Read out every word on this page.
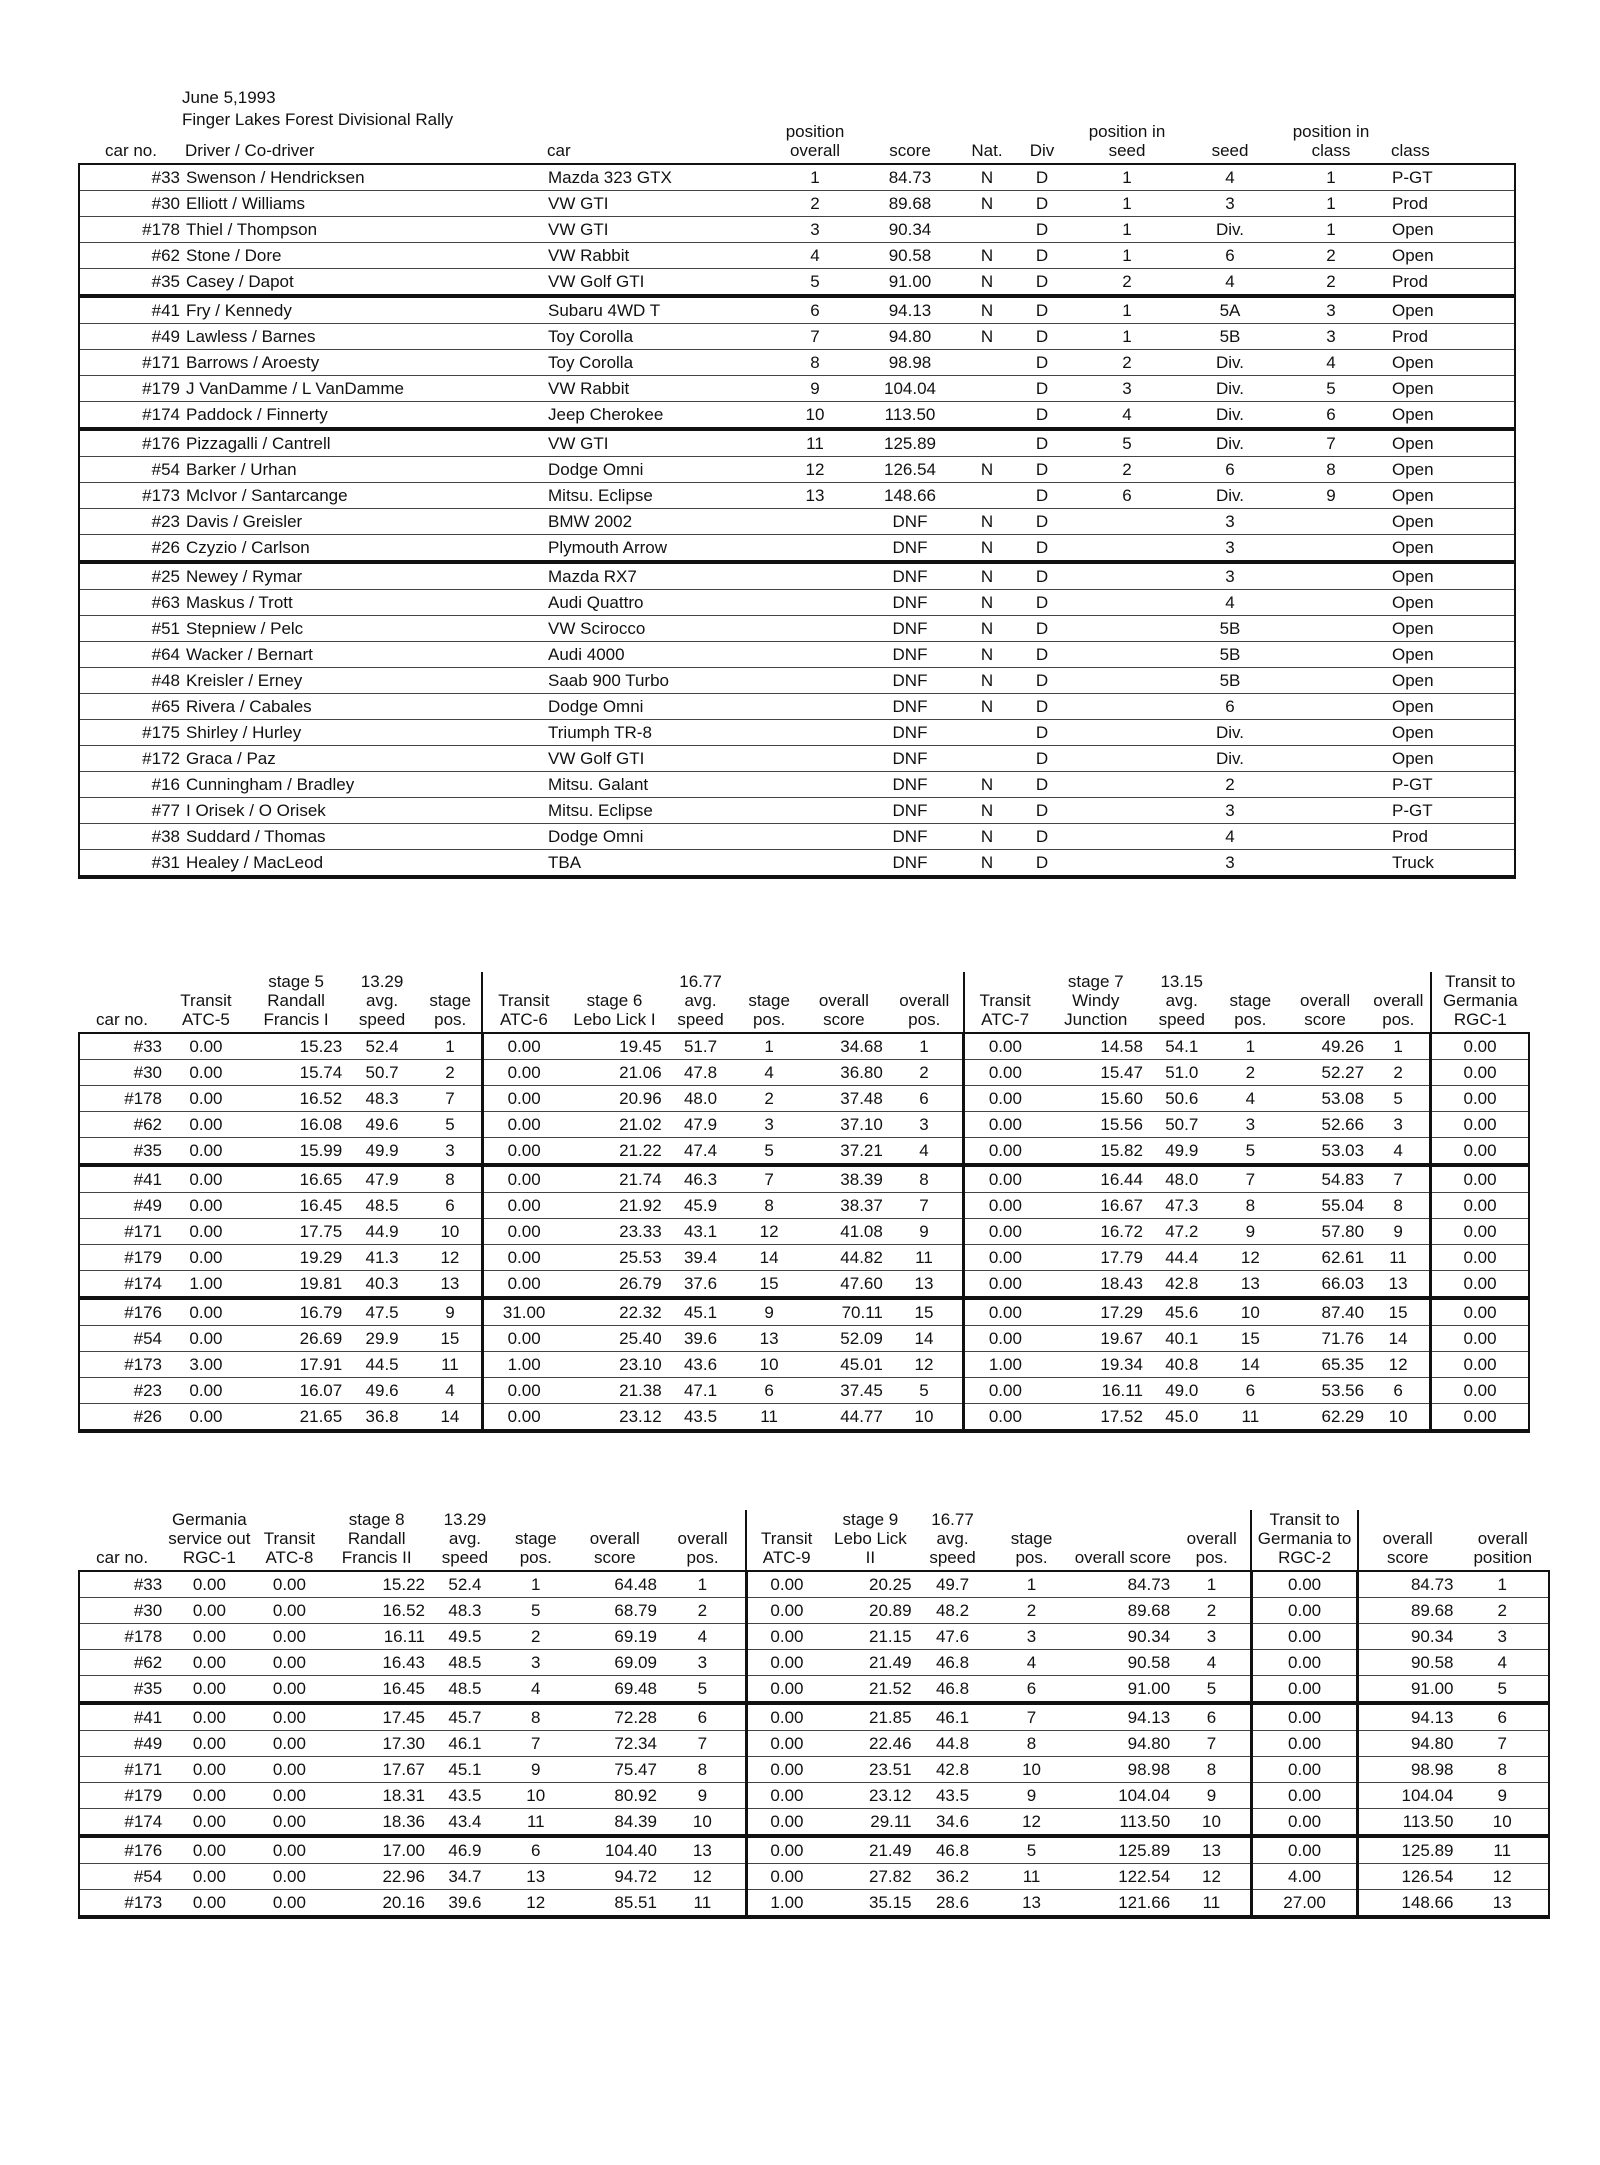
June 5,1993
Finger Lakes Forest Divisional Rally
car no.	Driver / Co-driver	car	position overall	score	Nat.	Div	position in seed	seed	position in class	class
#33	Swenson / Hendricksen	Mazda 323 GTX	1	84.73	N	D	1	4	1	P-GT
#30	Elliott / Williams	VW GTI	2	89.68	N	D	1	3	1	Prod
#178	Thiel / Thompson	VW GTI	3	90.34		D	1	Div.	1	Open
#62	Stone / Dore	VW Rabbit	4	90.58	N	D	1	6	2	Open
#35	Casey / Dapot	VW Golf GTI	5	91.00	N	D	2	4	2	Prod
#41	Fry / Kennedy	Subaru 4WD T	6	94.13	N	D	1	5A	3	Open
#49	Lawless / Barnes	Toy Corolla	7	94.80	N	D	1	5B	3	Prod
#171	Barrows / Aroesty	Toy Corolla	8	98.98		D	2	Div.	4	Open
#179	J VanDamme / L VanDamme	VW Rabbit	9	104.04		D	3	Div.	5	Open
#174	Paddock / Finnerty	Jeep Cherokee	10	113.50		D	4	Div.	6	Open
#176	Pizzagalli / Cantrell	VW GTI	11	125.89		D	5	Div.	7	Open
#54	Barker / Urhan	Dodge Omni	12	126.54	N	D	2	6	8	Open
#173	McIvor / Santarcange	Mitsu. Eclipse	13	148.66		D	6	Div.	9	Open
#23	Davis / Greisler	BMW 2002		DNF	N	D		3		Open
#26	Czyzio / Carlson	Plymouth Arrow		DNF	N	D		3		Open
#25	Newey / Rymar	Mazda RX7		DNF	N	D		3		Open
#63	Maskus / Trott	Audi Quattro		DNF	N	D		4		Open
#51	Stepniew / Pelc	VW Scirocco		DNF	N	D		5B		Open
#64	Wacker / Bernart	Audi 4000		DNF	N	D		5B		Open
#48	Kreisler / Erney	Saab 900 Turbo		DNF	N	D		5B		Open
#65	Rivera / Cabales	Dodge Omni		DNF	N	D		6		Open
#175	Shirley / Hurley	Triumph TR-8		DNF		D		Div.		Open
#172	Graca / Paz	VW Golf GTI		DNF		D		Div.		Open
#16	Cunningham / Bradley	Mitsu. Galant		DNF	N	D		2		P-GT
#77	I Orisek / O Orisek	Mitsu. Eclipse		DNF	N	D		3		P-GT
#38	Suddard / Thomas	Dodge Omni		DNF	N	D		4		Prod
#31	Healey / MacLeod	TBA		DNF	N	D		3		Truck
car no.	Transit ATC-5	stage 5 Randall Francis I	13.29 avg. speed	stage pos.	Transit ATC-6	stage 6 Lebo Lick I	16.77 avg. speed	stage pos.	overall score	overall pos.	Transit ATC-7	stage 7 Windy Junction	13.15 avg. speed	stage pos.	overall score	overall pos.	Transit to Germania RGC-1
#33	0.00	15.23	52.4	1	0.00	19.45	51.7	1	34.68	1	0.00	14.58	54.1	1	49.26	1	0.00
#30	0.00	15.74	50.7	2	0.00	21.06	47.8	4	36.80	2	0.00	15.47	51.0	2	52.27	2	0.00
#178	0.00	16.52	48.3	7	0.00	20.96	48.0	2	37.48	6	0.00	15.60	50.6	4	53.08	5	0.00
#62	0.00	16.08	49.6	5	0.00	21.02	47.9	3	37.10	3	0.00	15.56	50.7	3	52.66	3	0.00
#35	0.00	15.99	49.9	3	0.00	21.22	47.4	5	37.21	4	0.00	15.82	49.9	5	53.03	4	0.00
#41	0.00	16.65	47.9	8	0.00	21.74	46.3	7	38.39	8	0.00	16.44	48.0	7	54.83	7	0.00
#49	0.00	16.45	48.5	6	0.00	21.92	45.9	8	38.37	7	0.00	16.67	47.3	8	55.04	8	0.00
#171	0.00	17.75	44.9	10	0.00	23.33	43.1	12	41.08	9	0.00	16.72	47.2	9	57.80	9	0.00
#179	0.00	19.29	41.3	12	0.00	25.53	39.4	14	44.82	11	0.00	17.79	44.4	12	62.61	11	0.00
#174	1.00	19.81	40.3	13	0.00	26.79	37.6	15	47.60	13	0.00	18.43	42.8	13	66.03	13	0.00
#176	0.00	16.79	47.5	9	31.00	22.32	45.1	9	70.11	15	0.00	17.29	45.6	10	87.40	15	0.00
#54	0.00	26.69	29.9	15	0.00	25.40	39.6	13	52.09	14	0.00	19.67	40.1	15	71.76	14	0.00
#173	3.00	17.91	44.5	11	1.00	23.10	43.6	10	45.01	12	1.00	19.34	40.8	14	65.35	12	0.00
#23	0.00	16.07	49.6	4	0.00	21.38	47.1	6	37.45	5	0.00	16.11	49.0	6	53.56	6	0.00
#26	0.00	21.65	36.8	14	0.00	23.12	43.5	11	44.77	10	0.00	17.52	45.0	11	62.29	10	0.00
car no.	Germania service out RGC-1	Transit ATC-8	stage 8 Randall Francis II	13.29 avg. speed	stage pos.	overall score	overall pos.	Transit ATC-9	stage 9 Lebo Lick II	16.77 avg. speed	stage pos.	overall score	overall pos.	Transit to Germania to RGC-2	overall score	overall position
#33	0.00	0.00	15.22	52.4	1	64.48	1	0.00	20.25	49.7	1	84.73	1	0.00	84.73	1
#30	0.00	0.00	16.52	48.3	5	68.79	2	0.00	20.89	48.2	2	89.68	2	0.00	89.68	2
#178	0.00	0.00	16.11	49.5	2	69.19	4	0.00	21.15	47.6	3	90.34	3	0.00	90.34	3
#62	0.00	0.00	16.43	48.5	3	69.09	3	0.00	21.49	46.8	4	90.58	4	0.00	90.58	4
#35	0.00	0.00	16.45	48.5	4	69.48	5	0.00	21.52	46.8	6	91.00	5	0.00	91.00	5
#41	0.00	0.00	17.45	45.7	8	72.28	6	0.00	21.85	46.1	7	94.13	6	0.00	94.13	6
#49	0.00	0.00	17.30	46.1	7	72.34	7	0.00	22.46	44.8	8	94.80	7	0.00	94.80	7
#171	0.00	0.00	17.67	45.1	9	75.47	8	0.00	23.51	42.8	10	98.98	8	0.00	98.98	8
#179	0.00	0.00	18.31	43.5	10	80.92	9	0.00	23.12	43.5	9	104.04	9	0.00	104.04	9
#174	0.00	0.00	18.36	43.4	11	84.39	10	0.00	29.11	34.6	12	113.50	10	0.00	113.50	10
#176	0.00	0.00	17.00	46.9	6	104.40	13	0.00	21.49	46.8	5	125.89	13	0.00	125.89	11
#54	0.00	0.00	22.96	34.7	13	94.72	12	0.00	27.82	36.2	11	122.54	12	4.00	126.54	12
#173	0.00	0.00	20.16	39.6	12	85.51	11	1.00	35.15	28.6	13	121.66	11	27.00	148.66	13
